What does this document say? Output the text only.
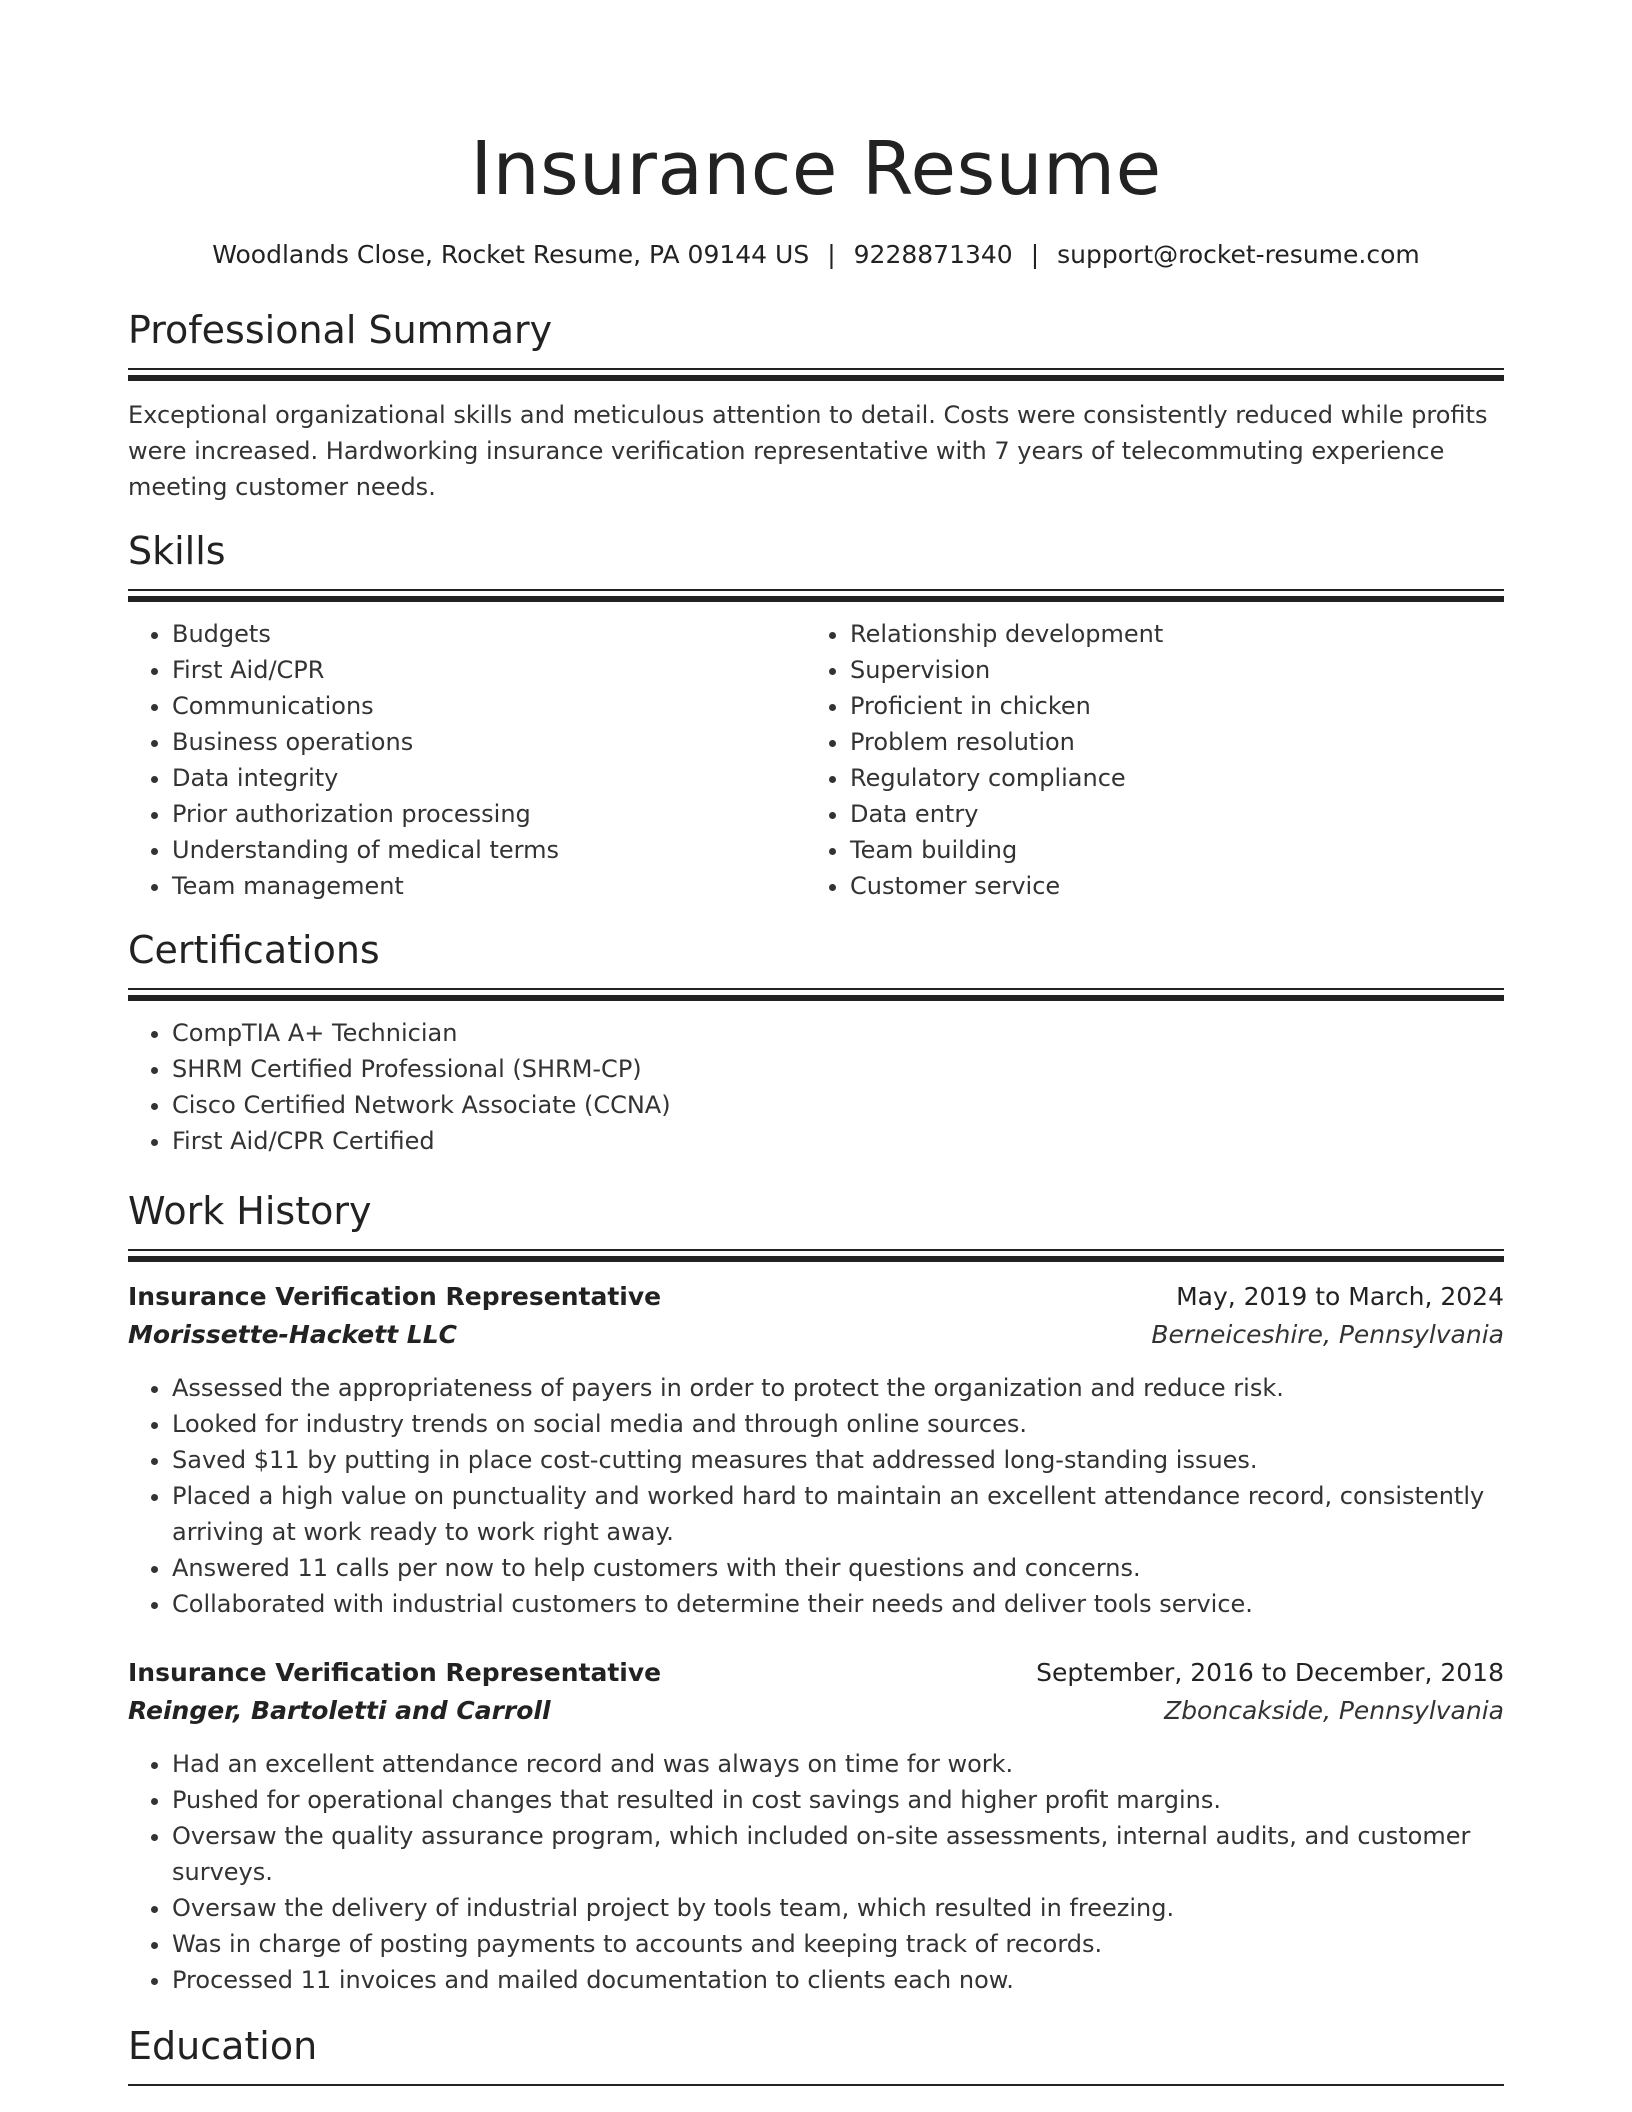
Insurance Resume
Woodlands Close, Rocket Resume, PA 09144 US | 9228871340 | support@rocket-resume.com
Professional Summary
Exceptional organizational skills and meticulous attention to detail. Costs were consistently reduced while profits were increased. Hardworking insurance verification representative with 7 years of telecommuting experience meeting customer needs.
Skills
• Budgets
• First Aid/CPR
• Communications
• Business operations
• Data integrity
• Prior authorization processing
• Understanding of medical terms
• Team management
• Relationship development
• Supervision
• Proficient in chicken
• Problem resolution
• Regulatory compliance
• Data entry
• Team building
• Customer service
Certifications
• CompTIA A+ Technician
• SHRM Certified Professional (SHRM-CP)
• Cisco Certified Network Associate (CCNA)
• First Aid/CPR Certified
Work History
Insurance Verification Representative	May, 2019 to March, 2024
Morissette-Hackett LLC	Berneiceshire, Pennsylvania
• Assessed the appropriateness of payers in order to protect the organization and reduce risk.
• Looked for industry trends on social media and through online sources.
• Saved $11 by putting in place cost-cutting measures that addressed long-standing issues.
• Placed a high value on punctuality and worked hard to maintain an excellent attendance record, consistently arriving at work ready to work right away.
• Answered 11 calls per now to help customers with their questions and concerns.
• Collaborated with industrial customers to determine their needs and deliver tools service.
Insurance Verification Representative	September, 2016 to December, 2018
Reinger, Bartoletti and Carroll	Zboncakside, Pennsylvania
• Had an excellent attendance record and was always on time for work.
• Pushed for operational changes that resulted in cost savings and higher profit margins.
• Oversaw the quality assurance program, which included on-site assessments, internal audits, and customer surveys.
• Oversaw the delivery of industrial project by tools team, which resulted in freezing.
• Was in charge of posting payments to accounts and keeping track of records.
• Processed 11 invoices and mailed documentation to clients each now.
Education
